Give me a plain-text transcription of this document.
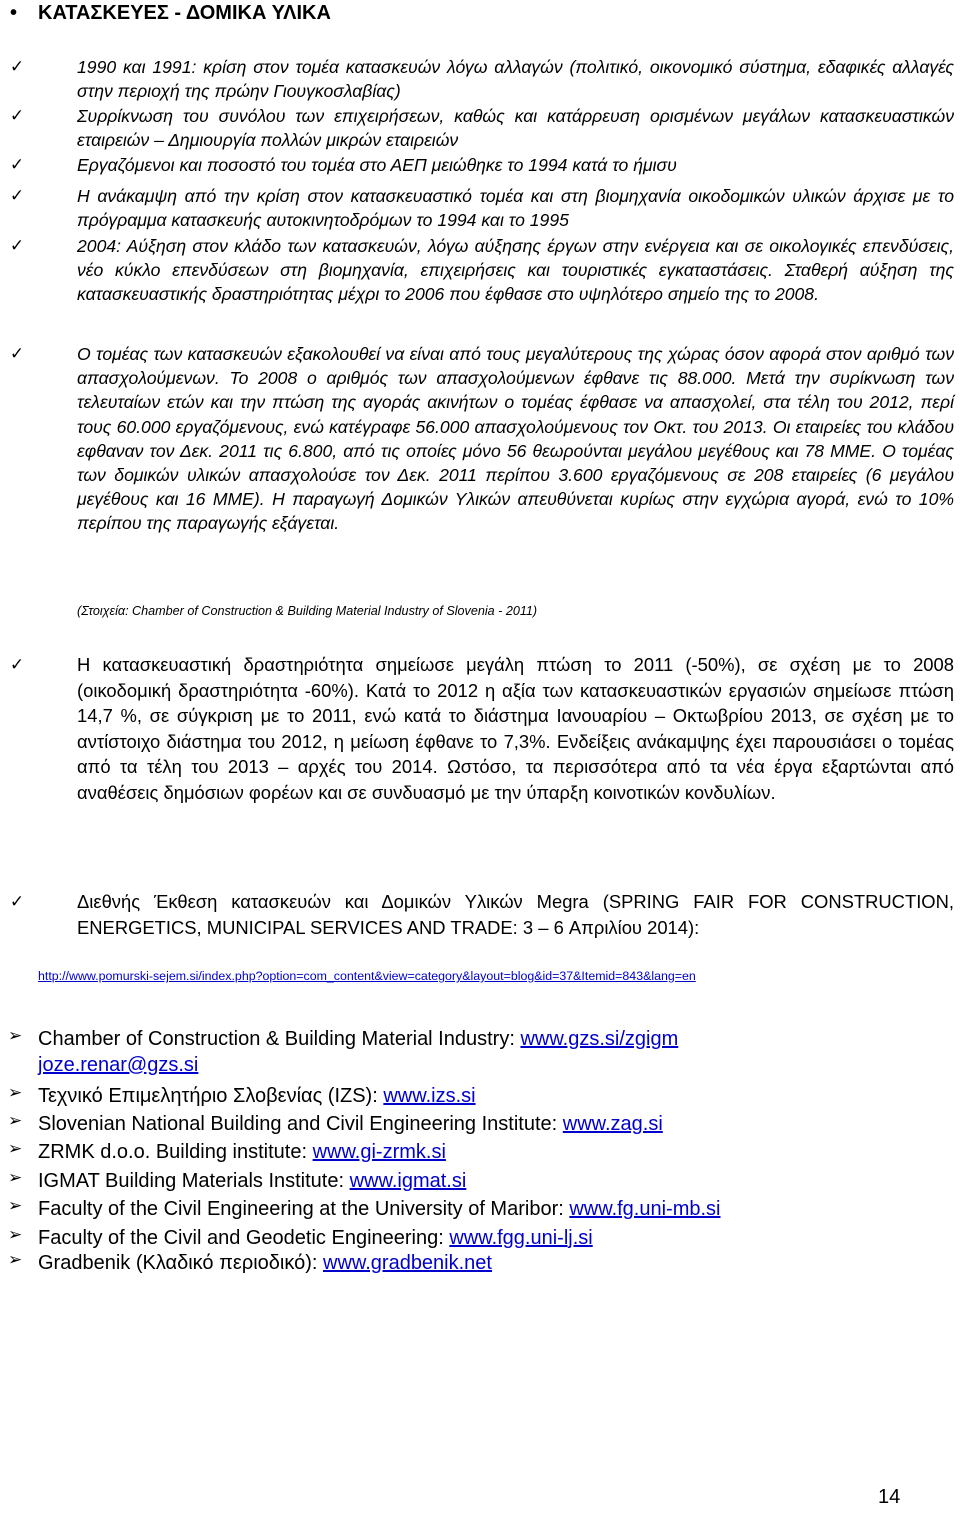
• ΚΑΤΑΣΚΕΥΕΣ - ΔΟΜΙΚΑ ΥΛΙΚΑ
✓	1990 και 1991: κρίση στον τομέα κατασκευών λόγω αλλαγών (πολιτικό, οικονομικό σύστημα, εδαφικές αλλαγές στην περιοχή της πρώην Γιουγκοσλαβίας)
✓	Συρρίκνωση του συνόλου των επιχειρήσεων, καθώς και κατάρρευση ορισμένων μεγάλων κατασκευαστικών εταιρειών – Δημιουργία πολλών μικρών εταιρειών
✓	Εργαζόμενοι και ποσοστό του τομέα στο ΑΕΠ μειώθηκε το 1994 κατά το ήμισυ
✓	Η ανάκαμψη από την κρίση στον κατασκευαστικό τομέα και στη βιομηχανία οικοδομικών υλικών άρχισε με το πρόγραμμα κατασκευής αυτοκινητοδρόμων το 1994 και το 1995
✓	2004: Αύξηση στον κλάδο των κατασκευών, λόγω αύξησης έργων στην ενέργεια και σε οικολογικές επενδύσεις, νέο κύκλο επενδύσεων στη βιομηχανία, επιχειρήσεις και τουριστικές εγκαταστάσεις. Σταθερή αύξηση της κατασκευαστικής δραστηριότητας μέχρι το 2006 που έφθασε στο υψηλότερο σημείο της το 2008.
✓	Ο τομέας των κατασκευών εξακολουθεί να είναι από τους μεγαλύτερους της χώρας όσον αφορά στον αριθμό των απασχολούμενων. Το 2008 ο αριθμός των απασχολούμενων έφθανε τις 88.000. Μετά την συρίκνωση των τελευταίων ετών και την πτώση της αγοράς ακινήτων ο τομέας έφθασε να απασχολεί, στα τέλη του 2012, περί τους 60.000 εργαζόμενους, ενώ κατέγραφε 56.000 απασχολούμενους τον Οκτ. του 2013. Οι εταιρείες του κλάδου εφθαναν τον Δεκ. 2011 τις 6.800, από τις οποίες μόνο 56 θεωρούνται μεγάλου μεγέθους και 78 ΜΜΕ. Ο τομέας των δομικών υλικών απασχολούσε τον Δεκ. 2011 περίπου 3.600 εργαζόμενους σε 208 εταιρείες (6 μεγάλου μεγέθους και 16 ΜΜΕ). Η παραγωγή Δομικών Υλικών απευθύνεται κυρίως στην εγχώρια αγορά, ενώ το 10% περίπου της παραγωγής εξάγεται.
(Στοιχεία: Chamber of Construction & Building Material Industry of Slovenia - 2011)
✓	Η κατασκευαστική δραστηριότητα σημείωσε μεγάλη πτώση το 2011 (-50%), σε σχέση με το 2008 (οικοδομική δραστηριότητα -60%). Κατά το 2012 η αξία των κατασκευαστικών εργασιών σημείωσε πτώση 14,7 %, σε σύγκριση με το 2011, ενώ κατά το διάστημα Ιανουαρίου – Οκτωβρίου 2013, σε σχέση με το αντίστοιχο διάστημα του 2012, η μείωση έφθανε το 7,3%. Ενδείξεις ανάκαμψης έχει παρουσιάσει ο τομέας από τα τέλη του 2013 – αρχές του 2014. Ωστόσο, τα περισσότερα από τα νέα έργα εξαρτώνται από αναθέσεις δημόσιων φορέων και σε συνδυασμό με την ύπαρξη κοινοτικών κονδυλίων.
✓	Διεθνής Έκθεση κατασκευών και Δομικών Υλικών Megra (SPRING FAIR FOR CONSTRUCTION, ENERGETICS, MUNICIPAL SERVICES AND TRADE: 3 – 6 Απριλίου 2014):
http://www.pomurski-sejem.si/index.php?option=com_content&view=category&layout=blog&id=37&Itemid=843&lang=en
➢ Chamber of Construction & Building Material Industry: www.gzs.si/zgigm
joze.renar@gzs.si
➢ Τεχνικό Επιμελητήριο Σλοβενίας (IZS): www.izs.si
➢ Slovenian National Building and Civil Engineering Institute: www.zag.si
➢ ZRMK d.o.o. Building institute: www.gi-zrmk.si
➢ IGMAT Building Materials Institute: www.igmat.si
➢ Faculty of the Civil Engineering at the University of Maribor: www.fg.uni-mb.si
➢ Faculty of the Civil and Geodetic Engineering: www.fgg.uni-lj.si
➢ Gradbenik (Κλαδικό περιοδικό): www.gradbenik.net
14
